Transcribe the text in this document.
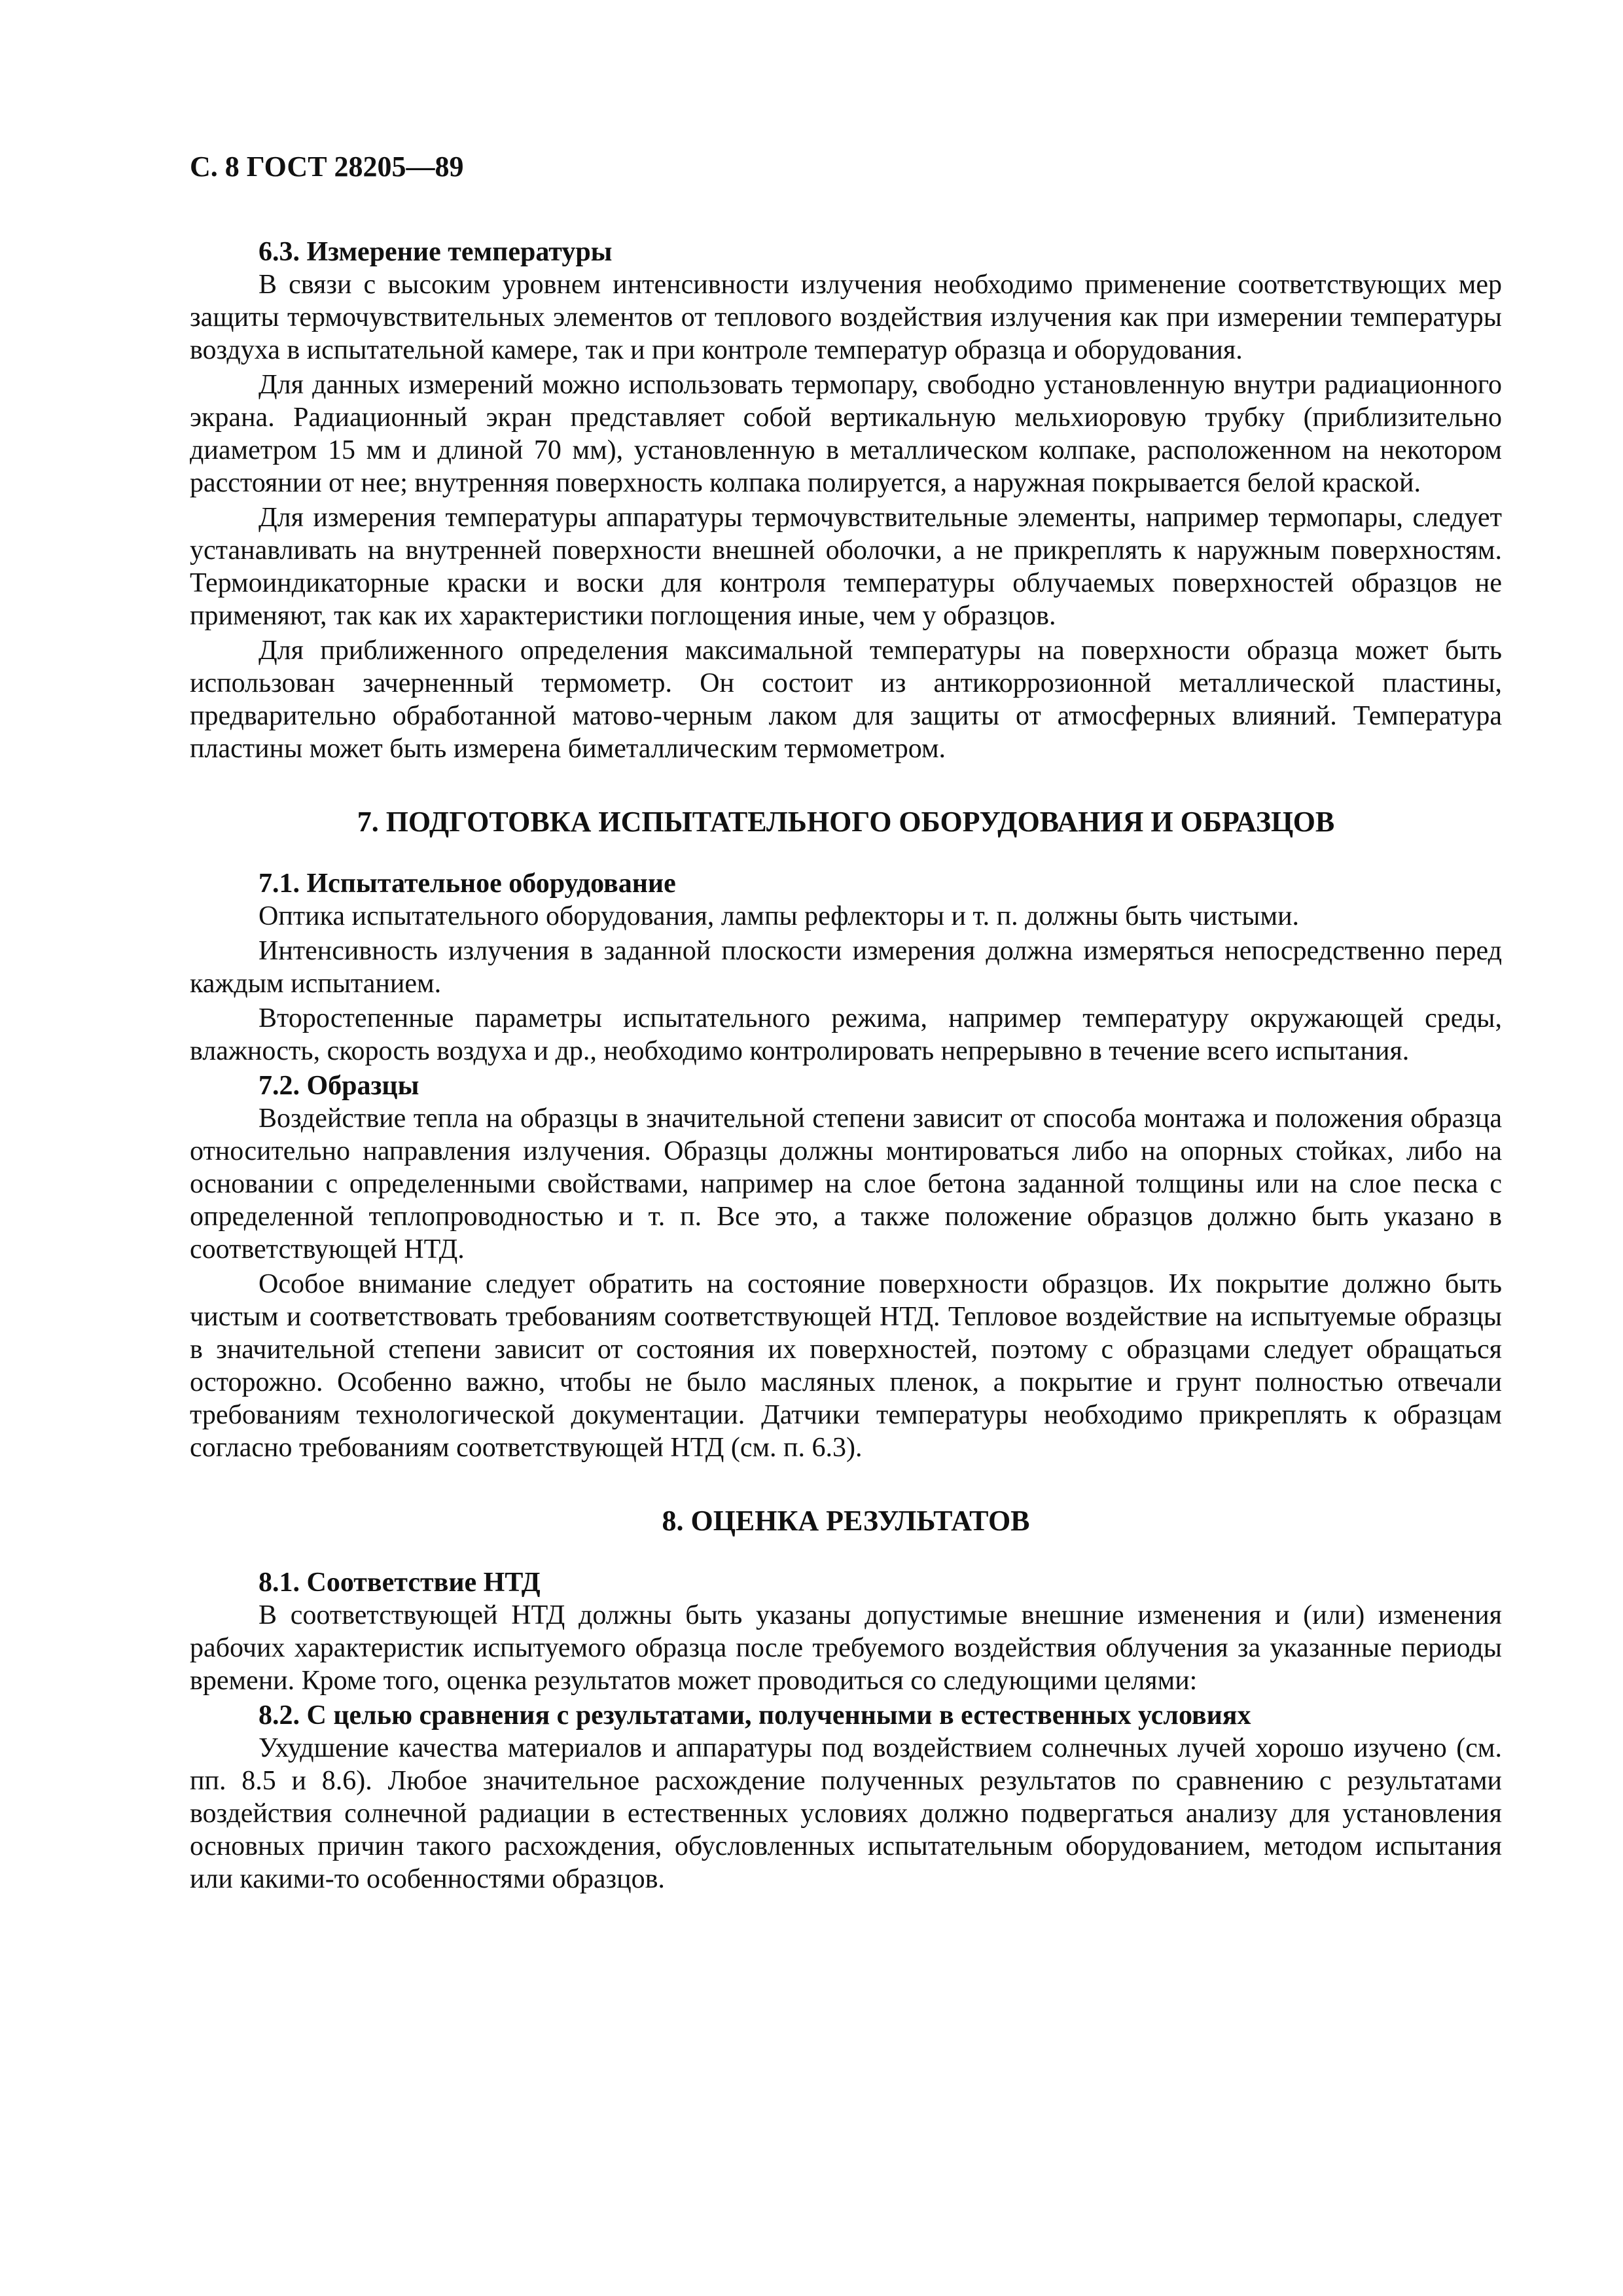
С. 8 ГОСТ 28205—89
6.3. Измерение температуры

В связи с высоким уровнем интенсивности излучения необходимо применение соответствующих мер защиты термочувствительных элементов от теплового воздействия излучения как при измерении температуры воздуха в испытательной камере, так и при контроле температур образца и оборудования.

Для данных измерений можно использовать термопару, свободно установленную внутри радиационного экрана. Радиационный экран представляет собой вертикальную мельхиоровую трубку (приблизительно диаметром 15 мм и длиной 70 мм), установленную в металлическом колпаке, расположенном на некотором расстоянии от нее; внутренняя поверхность колпака полируется, а наружная покрывается белой краской.

Для измерения температуры аппаратуры термочувствительные элементы, например термопары, следует устанавливать на внутренней поверхности внешней оболочки, а не прикреплять к наружным поверхностям. Термоиндикаторные краски и воски для контроля температуры облучаемых поверхностей образцов не применяют, так как их характеристики поглощения иные, чем у образцов.

Для приближенного определения максимальной температуры на поверхности образца может быть использован зачерненный термометр. Он состоит из антикоррозионной металлической пластины, предварительно обработанной матово-черным лаком для защиты от атмосферных влияний. Температура пластины может быть измерена биметаллическим термометром.

7. ПОДГОТОВКА ИСПЫТАТЕЛЬНОГО ОБОРУДОВАНИЯ И ОБРАЗЦОВ
7.1. Испытательное оборудование

Оптика испытательного оборудования, лампы рефлекторы и т. п. должны быть чистыми.

Интенсивность излучения в заданной плоскости измерения должна измеряться непосредственно перед каждым испытанием.

Второстепенные параметры испытательного режима, например температуру окружающей среды, влажность, скорость воздуха и др., необходимо контролировать непрерывно в течение всего испытания.

7.2. Образцы

Воздействие тепла на образцы в значительной степени зависит от способа монтажа и положения образца относительно направления излучения. Образцы должны монтироваться либо на опорных стойках, либо на основании с определенными свойствами, например на слое бетона заданной толщины или на слое песка с определенной теплопроводностью и т. п. Все это, а также положение образцов должно быть указано в соответствующей НТД.

Особое внимание следует обратить на состояние поверхности образцов. Их покрытие должно быть чистым и соответствовать требованиям соответствующей НТД. Тепловое воздействие на испытуемые образцы в значительной степени зависит от состояния их поверхностей, поэтому с образцами следует обращаться осторожно. Особенно важно, чтобы не было масляных пленок, а покрытие и грунт полностью отвечали требованиям технологической документации. Датчики температуры необходимо прикреплять к образцам согласно требованиям соответствующей НТД (см. п. 6.3).

8. ОЦЕНКА РЕЗУЛЬТАТОВ
8.1. Соответствие НТД

В соответствующей НТД должны быть указаны допустимые внешние изменения и (или) изменения рабочих характеристик испытуемого образца после требуемого воздействия облучения за указанные периоды времени. Кроме того, оценка результатов может проводиться со следующими целями:

8.2. С целью сравнения с результатами, полученными в естественных условиях

Ухудшение качества материалов и аппаратуры под воздействием солнечных лучей хорошо изучено (см. пп. 8.5 и 8.6). Любое значительное расхождение полученных результатов по сравнению с результатами воздействия солнечной радиации в естественных условиях должно подвергаться анализу для установления основных причин такого расхождения, обусловленных испытательным оборудованием, методом испытания или какими-то особенностями образцов.
